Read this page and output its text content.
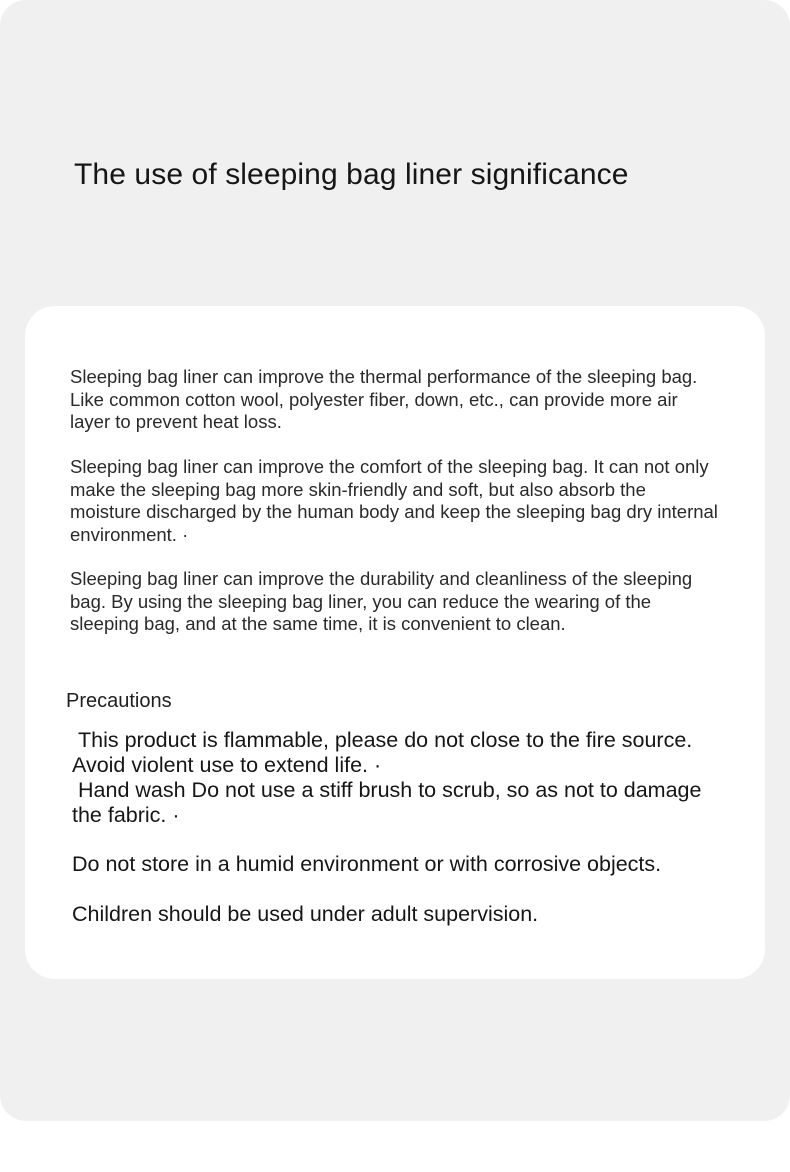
The use of sleeping bag liner significance

Sleeping bag liner can improve the thermal performance of the sleeping bag. Like common cotton wool, polyester fiber, down, etc., can provide more air layer to prevent heat loss.

Sleeping bag liner can improve the comfort of the sleeping bag. It can not only make the sleeping bag more skin-friendly and soft, but also absorb the moisture discharged by the human body and keep the sleeping bag dry internal environment. ·

Sleeping bag liner can improve the durability and cleanliness of the sleeping bag. By using the sleeping bag liner, you can reduce the wearing of the sleeping bag, and at the same time, it is convenient to clean.

Precautions

This product is flammable, please do not close to the fire source.
Avoid violent use to extend life. ·

Hand wash Do not use a stiff brush to scrub, so as not to damage
the fabric. ·

Do not store in a humid environment or with corrosive objects.

Children should be used under adult supervision.
